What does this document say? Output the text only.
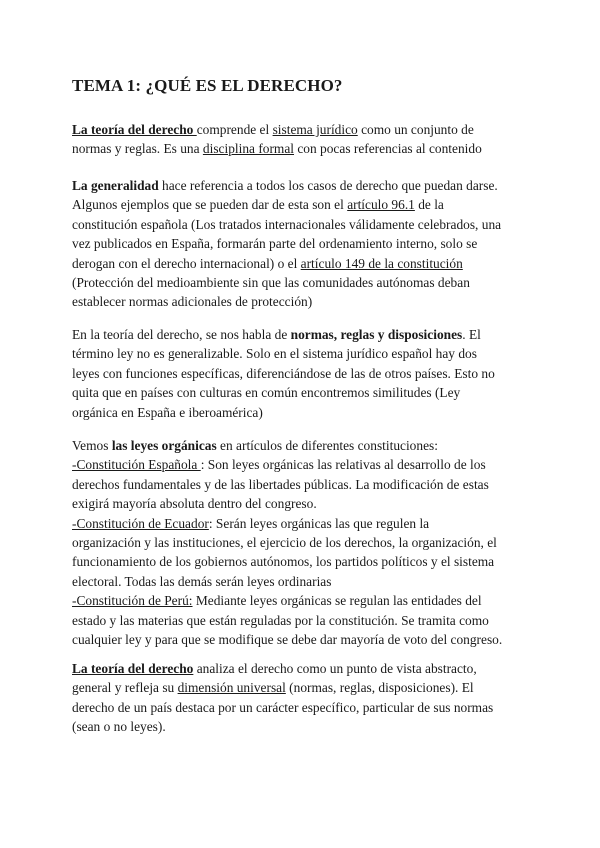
TEMA 1: ¿QUÉ ES EL DERECHO?
La teoría del derecho comprende el sistema jurídico como un conjunto de
normas y reglas. Es una disciplina formal con pocas referencias al contenido
La generalidad hace referencia a todos los casos de derecho que puedan darse.
Algunos ejemplos que se pueden dar de esta son el artículo 96.1 de la
constitución española (Los tratados internacionales válidamente celebrados, una
vez publicados en España, formarán parte del ordenamiento interno, solo se
derogan con el derecho internacional) o el artículo 149 de la constitución
(Protección del medioambiente sin que las comunidades autónomas deban
establecer normas adicionales de protección)
En la teoría del derecho, se nos habla de normas, reglas y disposiciones. El
término ley no es generalizable. Solo en el sistema jurídico español hay dos
leyes con funciones específicas, diferenciándose de las de otros países. Esto no
quita que en países con culturas en común encontremos similitudes (Ley
orgánica en España e iberoamérica)
Vemos las leyes orgánicas en artículos de diferentes constituciones:
-Constitución Española : Son leyes orgánicas las relativas al desarrollo de los
derechos fundamentales y de las libertades públicas. La modificación de estas
exigirá mayoría absoluta dentro del congreso.
-Constitución de Ecuador: Serán leyes orgánicas las que regulen la
organización y las instituciones, el ejercicio de los derechos, la organización, el
funcionamiento de los gobiernos autónomos, los partidos políticos y el sistema
electoral. Todas las demás serán leyes ordinarias
-Constitución de Perú: Mediante leyes orgánicas se regulan las entidades del
estado y las materias que están reguladas por la constitución. Se tramita como
cualquier ley y para que se modifique se debe dar mayoría de voto del congreso.
La teoría del derecho analiza el derecho como un punto de vista abstracto,
general y refleja su dimensión universal (normas, reglas, disposiciones). El
derecho de un país destaca por un carácter específico, particular de sus normas
(sean o no leyes).
